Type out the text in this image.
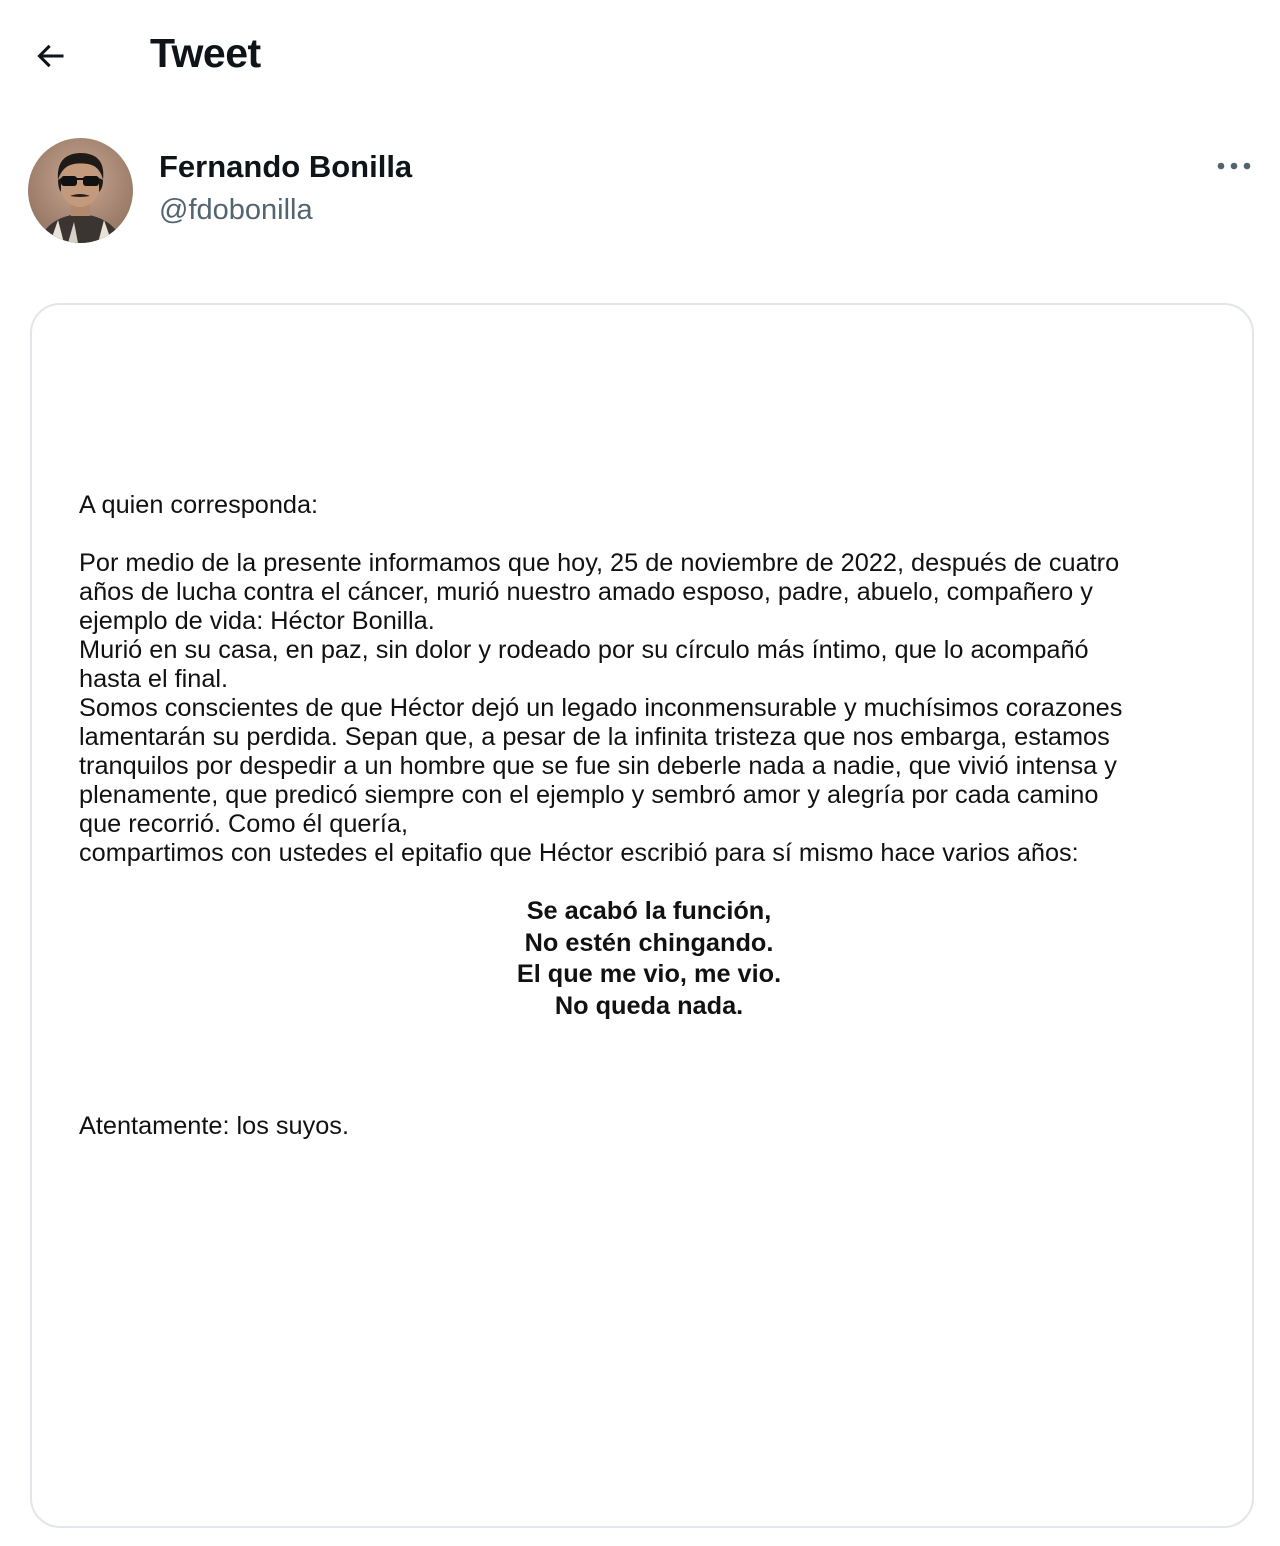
Tweet
Fernando Bonilla
@fdobonilla

A quien corresponda:

Por medio de la presente informamos que hoy, 25 de noviembre de 2022, después de cuatro
años de lucha contra el cáncer, murió nuestro amado esposo, padre, abuelo, compañero y
ejemplo de vida: Héctor Bonilla.
Murió en su casa, en paz, sin dolor y rodeado por su círculo más íntimo, que lo acompañó
hasta el final.
Somos conscientes de que Héctor dejó un legado inconmensurable y muchísimos corazones
lamentarán su perdida. Sepan que, a pesar de la infinita tristeza que nos embarga, estamos
tranquilos por despedir a un hombre que se fue sin deberle nada a nadie, que vivió intensa y
plenamente, que predicó siempre con el ejemplo y sembró amor y alegría por cada camino
que recorrió. Como él quería,
compartimos con ustedes el epitafio que Héctor escribió para sí mismo hace varios años:

Se acabó la función,

No estén chingando.

El que me vio, me vio.

No queda nada.

Atentamente: los suyos.
